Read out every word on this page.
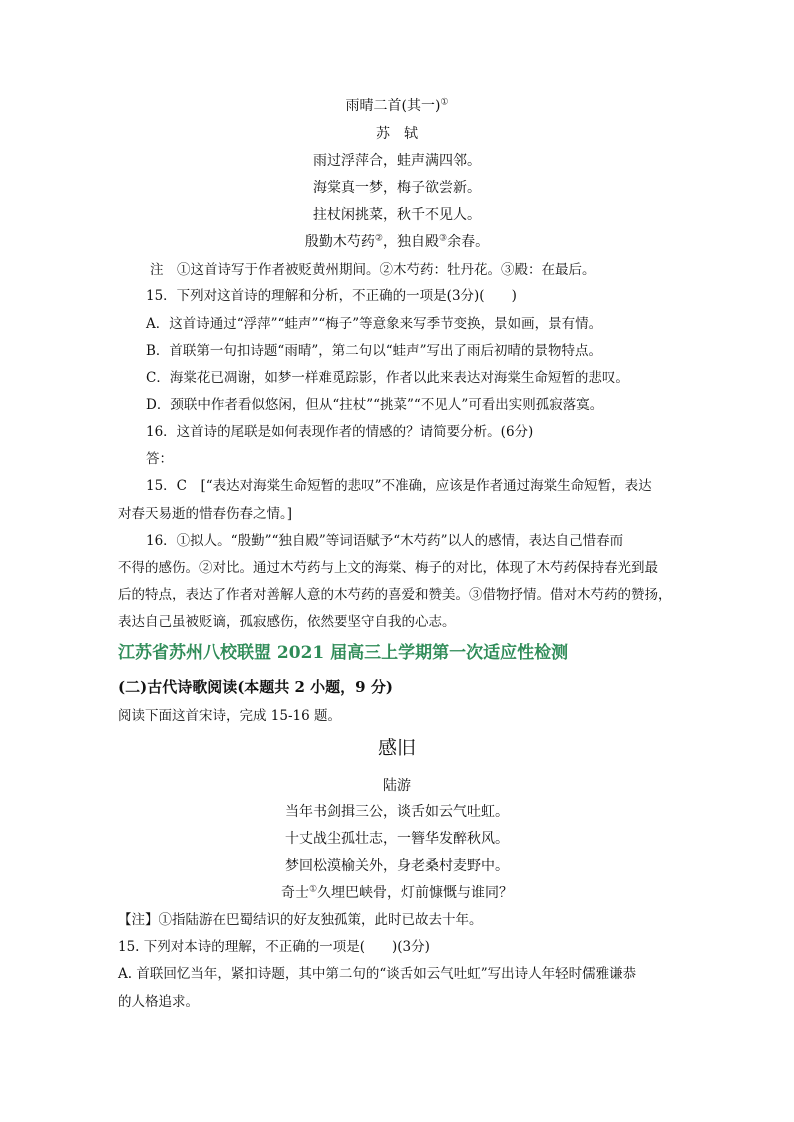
雨晴二首(其一)①
苏　轼
雨过浮萍合，蛙声满四邻。
海棠真一梦，梅子欲尝新。
拄杖闲挑菜，秋千不见人。
殷勤木芍药②，独自殿③余春。
注　①这首诗写于作者被贬黄州期间。②木芍药：牡丹花。③殿：在最后。
15．下列对这首诗的理解和分析，不正确的一项是(3分)(　　)
A．这首诗通过“浮萍”“蛙声”“梅子”等意象来写季节变换，景如画，景有情。
B．首联第一句扣诗题“雨晴”，第二句以“蛙声”写出了雨后初晴的景物特点。
C．海棠花已凋谢，如梦一样难觅踪影，作者以此来表达对海棠生命短暂的悲叹。
D．颈联中作者看似悠闲，但从“拄杖”“挑菜”“不见人”可看出实则孤寂落寞。
16．这首诗的尾联是如何表现作者的情感的？请简要分析。(6分)
答：
15．C　[“表达对海棠生命短暂的悲叹”不准确，应该是作者通过海棠生命短暂，表达
对春天易逝的惜春伤春之情。]
16．①拟人。“殷勤”“独自殿”等词语赋予“木芍药”以人的感情，表达自己惜春而
不得的感伤。②对比。通过木芍药与上文的海棠、梅子的对比，体现了木芍药保持春光到最
后的特点，表达了作者对善解人意的木芍药的喜爱和赞美。③借物抒情。借对木芍药的赞扬，
表达自己虽被贬谪，孤寂感伤，依然要坚守自我的心志。
江苏省苏州八校联盟 2021 届高三上学期第一次适应性检测
(二)古代诗歌阅读(本题共 2 小题，9 分)
阅读下面这首宋诗，完成 15-16 题。
感旧
陆游
当年书剑揖三公，谈舌如云气吐虹。
十丈战尘孤壮志，一簪华发醉秋风。
梦回松漠榆关外，身老桑村麦野中。
奇士①久埋巴峡骨，灯前慷慨与谁同？
【注】①指陆游在巴蜀结识的好友独孤策，此时已故去十年。
15. 下列对本诗的理解，不正确的一项是(　　)(3分)
A. 首联回忆当年，紧扣诗题，其中第二句的“谈舌如云气吐虹”写出诗人年轻时儒雅谦恭
的人格追求。
